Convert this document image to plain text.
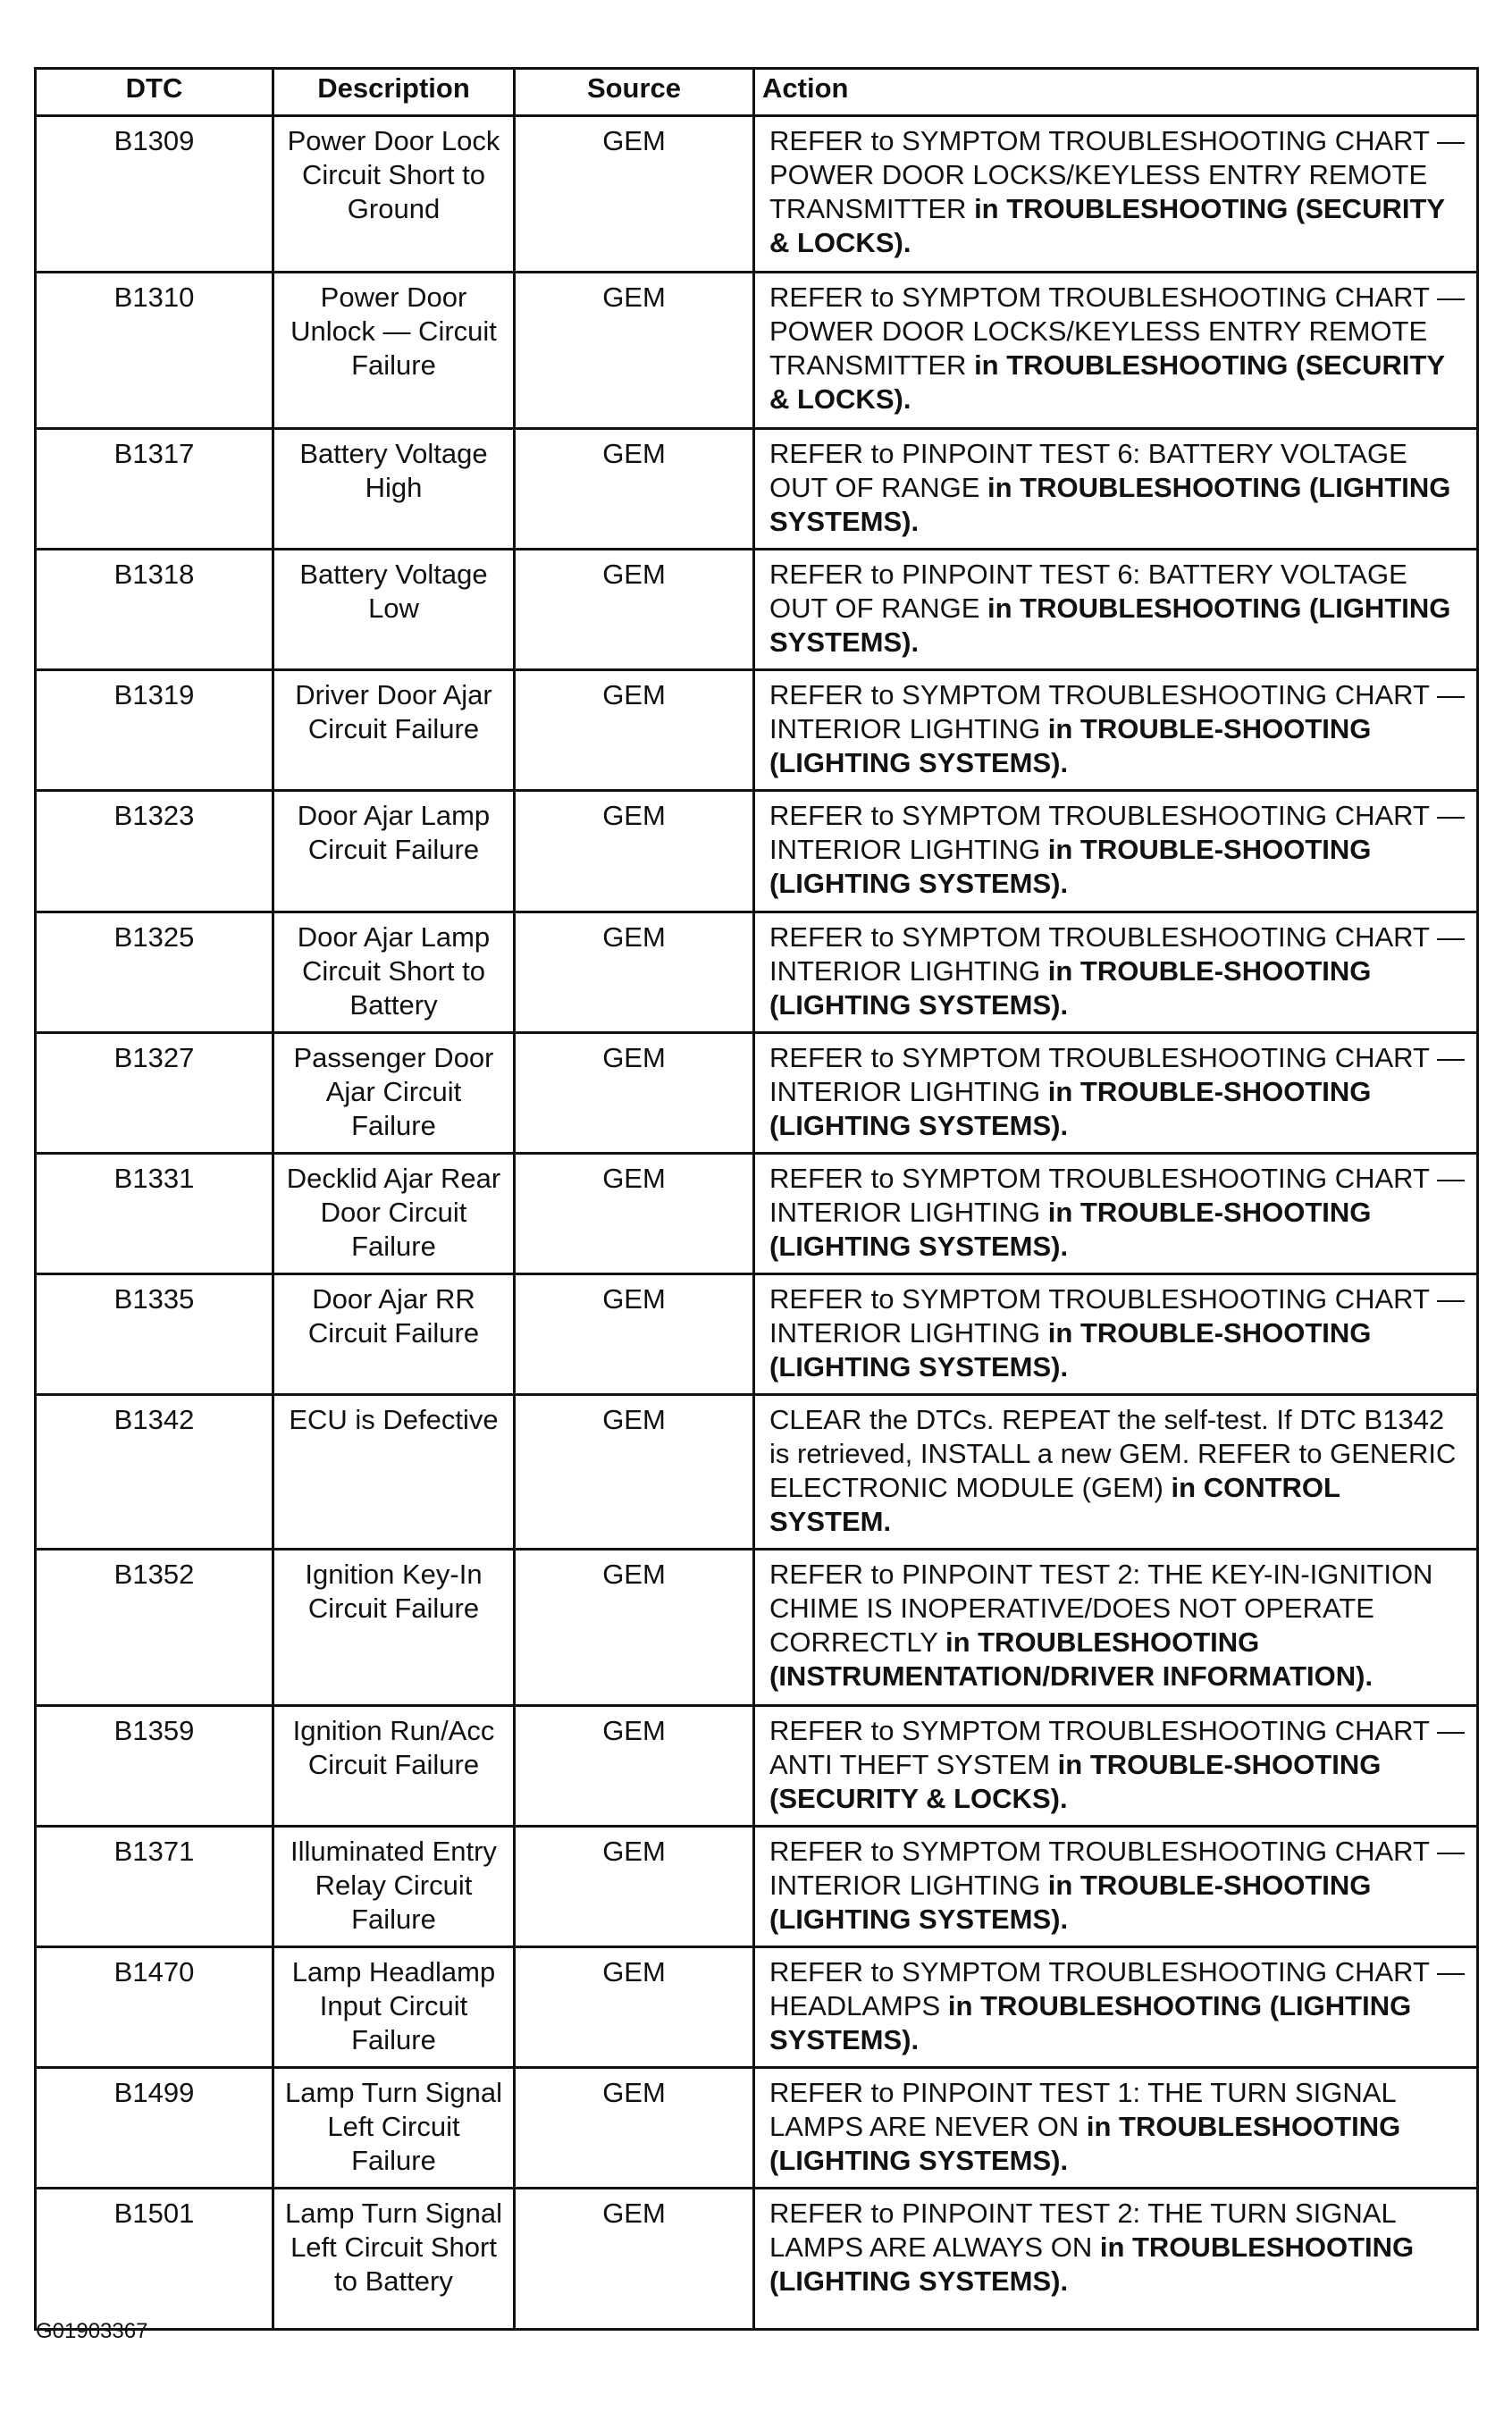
DTC	Description	Source	Action
B1309	Power Door Lock Circuit Short to Ground	GEM	REFER to SYMPTOM TROUBLESHOOTING CHART — POWER DOOR LOCKS/KEYLESS ENTRY REMOTE TRANSMITTER in TROUBLESHOOTING (SECURITY & LOCKS).
B1310	Power Door Unlock — Circuit Failure	GEM	REFER to SYMPTOM TROUBLESHOOTING CHART — POWER DOOR LOCKS/KEYLESS ENTRY REMOTE TRANSMITTER in TROUBLESHOOTING (SECURITY & LOCKS).
B1317	Battery Voltage High	GEM	REFER to PINPOINT TEST 6: BATTERY VOLTAGE OUT OF RANGE in TROUBLESHOOTING (LIGHTING SYSTEMS).
B1318	Battery Voltage Low	GEM	REFER to PINPOINT TEST 6: BATTERY VOLTAGE OUT OF RANGE in TROUBLESHOOTING (LIGHTING SYSTEMS).
B1319	Driver Door Ajar Circuit Failure	GEM	REFER to SYMPTOM TROUBLESHOOTING CHART — INTERIOR LIGHTING in TROUBLE-SHOOTING (LIGHTING SYSTEMS).
B1323	Door Ajar Lamp Circuit Failure	GEM	REFER to SYMPTOM TROUBLESHOOTING CHART — INTERIOR LIGHTING in TROUBLE-SHOOTING (LIGHTING SYSTEMS).
B1325	Door Ajar Lamp Circuit Short to Battery	GEM	REFER to SYMPTOM TROUBLESHOOTING CHART — INTERIOR LIGHTING in TROUBLE-SHOOTING (LIGHTING SYSTEMS).
B1327	Passenger Door Ajar Circuit Failure	GEM	REFER to SYMPTOM TROUBLESHOOTING CHART — INTERIOR LIGHTING in TROUBLE-SHOOTING (LIGHTING SYSTEMS).
B1331	Decklid Ajar Rear Door Circuit Failure	GEM	REFER to SYMPTOM TROUBLESHOOTING CHART — INTERIOR LIGHTING in TROUBLE-SHOOTING (LIGHTING SYSTEMS).
B1335	Door Ajar RR Circuit Failure	GEM	REFER to SYMPTOM TROUBLESHOOTING CHART — INTERIOR LIGHTING in TROUBLE-SHOOTING (LIGHTING SYSTEMS).
B1342	ECU is Defective	GEM	CLEAR the DTCs. REPEAT the self-test. If DTC B1342 is retrieved, INSTALL a new GEM. REFER to GENERIC ELECTRONIC MODULE (GEM) in CONTROL SYSTEM.
B1352	Ignition Key-In Circuit Failure	GEM	REFER to PINPOINT TEST 2: THE KEY-IN-IGNITION CHIME IS INOPERATIVE/DOES NOT OPERATE CORRECTLY in TROUBLESHOOTING (INSTRUMENTATION/DRIVER INFORMATION).
B1359	Ignition Run/Acc Circuit Failure	GEM	REFER to SYMPTOM TROUBLESHOOTING CHART — ANTI THEFT SYSTEM in TROUBLE-SHOOTING (SECURITY & LOCKS).
B1371	Illuminated Entry Relay Circuit Failure	GEM	REFER to SYMPTOM TROUBLESHOOTING CHART — INTERIOR LIGHTING in TROUBLE-SHOOTING (LIGHTING SYSTEMS).
B1470	Lamp Headlamp Input Circuit Failure	GEM	REFER to SYMPTOM TROUBLESHOOTING CHART — HEADLAMPS in TROUBLESHOOTING (LIGHTING SYSTEMS).
B1499	Lamp Turn Signal Left Circuit Failure	GEM	REFER to PINPOINT TEST 1: THE TURN SIGNAL LAMPS ARE NEVER ON in TROUBLESHOOTING (LIGHTING SYSTEMS).
B1501	Lamp Turn Signal Left Circuit Short to Battery	GEM	REFER to PINPOINT TEST 2: THE TURN SIGNAL LAMPS ARE ALWAYS ON in TROUBLESHOOTING (LIGHTING SYSTEMS).
G01903367
